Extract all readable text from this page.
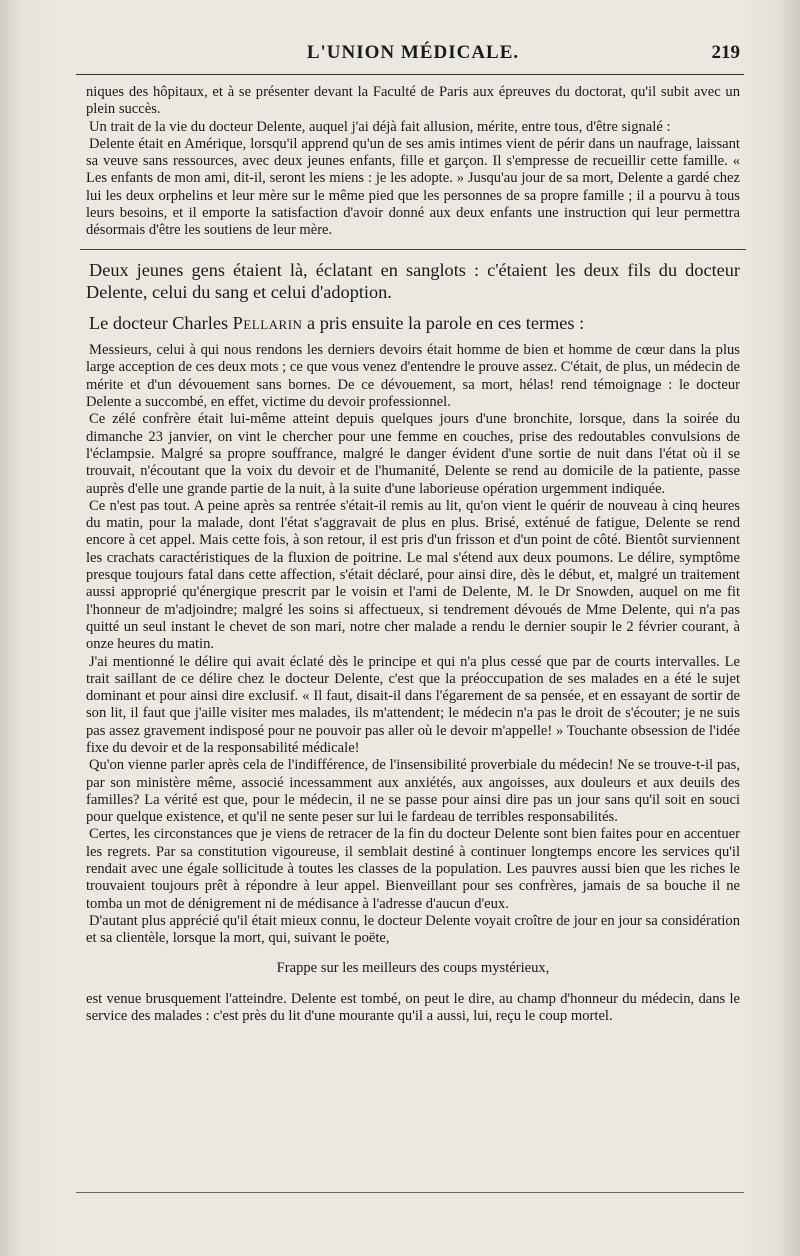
L'UNION MÉDICALE.	219

niques des hôpitaux, et à se présenter devant la Faculté de Paris aux épreuves du doctorat, qu'il subit avec un plein succès.

Un trait de la vie du docteur Delente, auquel j'ai déjà fait allusion, mérite, entre tous, d'être signalé :

Delente était en Amérique, lorsqu'il apprend qu'un de ses amis intimes vient de périr dans un naufrage, laissant sa veuve sans ressources, avec deux jeunes enfants, fille et garçon. Il s'empresse de recueillir cette famille. « Les enfants de mon ami, dit-il, seront les miens : je les adopte. » Jusqu'au jour de sa mort, Delente a gardé chez lui les deux orphelins et leur mère sur le même pied que les personnes de sa propre famille ; il a pourvu à tous leurs besoins, et il emporte la satisfaction d'avoir donné aux deux enfants une instruction qui leur permettra désormais d'être les soutiens de leur mère.

Deux jeunes gens étaient là, éclatant en sanglots : c'étaient les deux fils du docteur Delente, celui du sang et celui d'adoption.

Le docteur Charles Pellarin a pris ensuite la parole en ces termes :

Messieurs, celui à qui nous rendons les derniers devoirs était homme de bien et homme de cœur dans la plus large acception de ces deux mots ; ce que vous venez d'entendre le prouve assez. C'était, de plus, un médecin de mérite et d'un dévouement sans bornes. De ce dévouement, sa mort, hélas! rend témoignage : le docteur Delente a succombé, en effet, victime du devoir professionnel.

Ce zélé confrère était lui-même atteint depuis quelques jours d'une bronchite, lorsque, dans la soirée du dimanche 23 janvier, on vint le chercher pour une femme en couches, prise des redoutables convulsions de l'éclampsie. Malgré sa propre souffrance, malgré le danger évident d'une sortie de nuit dans l'état où il se trouvait, n'écoutant que la voix du devoir et de l'humanité, Delente se rend au domicile de la patiente, passe auprès d'elle une grande partie de la nuit, à la suite d'une laborieuse opération urgemment indiquée.

Ce n'est pas tout. A peine après sa rentrée s'était-il remis au lit, qu'on vient le quérir de nouveau à cinq heures du matin, pour la malade, dont l'état s'aggravait de plus en plus. Brisé, exténué de fatigue, Delente se rend encore à cet appel. Mais cette fois, à son retour, il est pris d'un frisson et d'un point de côté. Bientôt surviennent les crachats caractéristiques de la fluxion de poitrine. Le mal s'étend aux deux poumons. Le délire, symptôme presque toujours fatal dans cette affection, s'était déclaré, pour ainsi dire, dès le début, et, malgré un traitement aussi approprié qu'énergique prescrit par le voisin et l'ami de Delente, M. le Dr Snowden, auquel on me fit l'honneur de m'adjoindre; malgré les soins si affectueux, si tendrement dévoués de Mme Delente, qui n'a pas quitté un seul instant le chevet de son mari, notre cher malade a rendu le dernier soupir le 2 février courant, à onze heures du matin.

J'ai mentionné le délire qui avait éclaté dès le principe et qui n'a plus cessé que par de courts intervalles. Le trait saillant de ce délire chez le docteur Delente, c'est que la préoccupation de ses malades en a été le sujet dominant et pour ainsi dire exclusif. « Il faut, disait-il dans l'égarement de sa pensée, et en essayant de sortir de son lit, il faut que j'aille visiter mes malades, ils m'attendent; le médecin n'a pas le droit de s'écouter; je ne suis pas assez gravement indisposé pour ne pouvoir pas aller où le devoir m'appelle! » Touchante obsession de l'idée fixe du devoir et de la responsabilité médicale!

Qu'on vienne parler après cela de l'indifférence, de l'insensibilité proverbiale du médecin! Ne se trouve-t-il pas, par son ministère même, associé incessamment aux anxiétés, aux angoisses, aux douleurs et aux deuils des familles? La vérité est que, pour le médecin, il ne se passe pour ainsi dire pas un jour sans qu'il soit en souci pour quelque existence, et qu'il ne sente peser sur lui le fardeau de terribles responsabilités.

Certes, les circonstances que je viens de retracer de la fin du docteur Delente sont bien faites pour en accentuer les regrets. Par sa constitution vigoureuse, il semblait destiné à continuer longtemps encore les services qu'il rendait avec une égale sollicitude à toutes les classes de la population. Les pauvres aussi bien que les riches le trouvaient toujours prêt à répondre à leur appel. Bienveillant pour ses confrères, jamais de sa bouche il ne tomba un mot de dénigrement ni de médisance à l'adresse d'aucun d'eux.

D'autant plus apprécié qu'il était mieux connu, le docteur Delente voyait croître de jour en jour sa considération et sa clientèle, lorsque la mort, qui, suivant le poëte,

Frappe sur les meilleurs des coups mystérieux,

est venue brusquement l'atteindre. Delente est tombé, on peut le dire, au champ d'honneur du médecin, dans le service des malades : c'est près du lit d'une mourante qu'il a aussi, lui, reçu le coup mortel.
